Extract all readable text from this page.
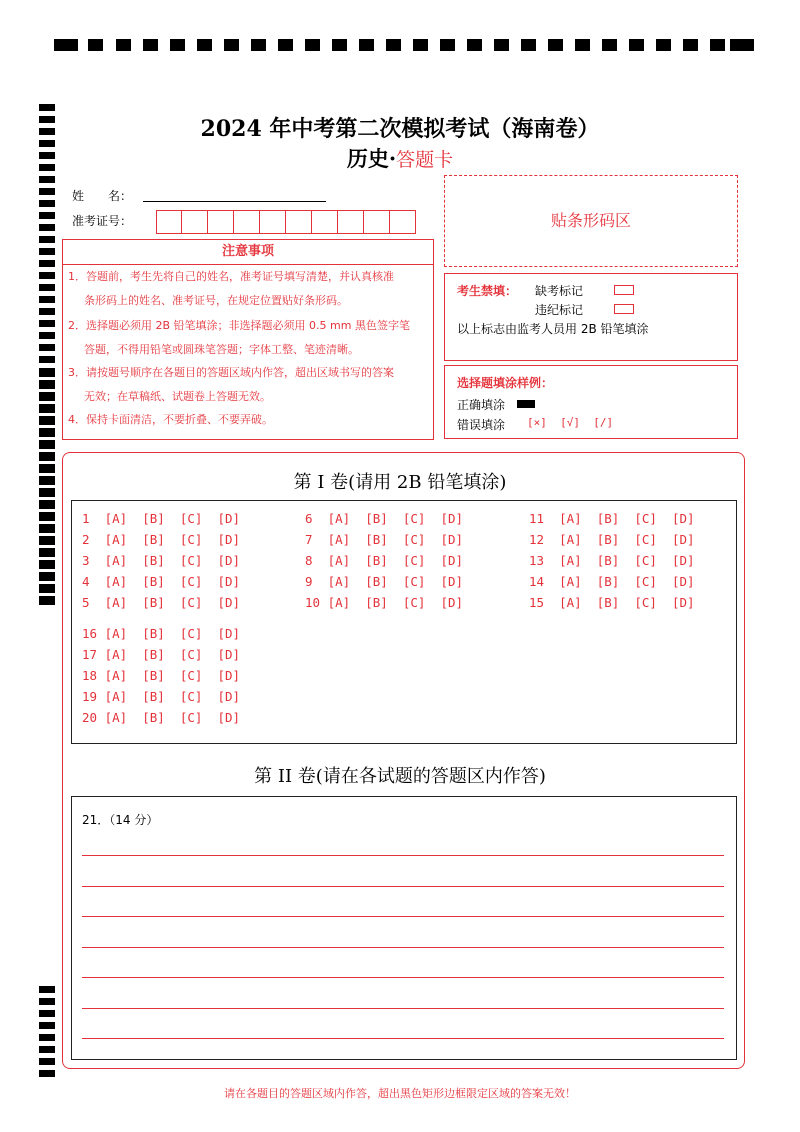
2024 年中考第二次模拟考试（海南卷）
历史·答题卡
姓　　名：
准考证号：	贴条形码区
注意事项
1．答题前，考生先将自己的姓名，准考证号填写清楚，并认真核准
条形码上的姓名、准考证号，在规定位置贴好条形码。
2．选择题必须用 2B 铅笔填涂；非选择题必须用 0.5 mm 黑色签字笔
答题，不得用铅笔或圆珠笔答题；字体工整、笔迹清晰。
3．请按题号顺序在各题目的答题区域内作答，超出区域书写的答案
无效；在草稿纸、试题卷上答题无效。
4．保持卡面清洁，不要折叠、不要弄破。
考生禁填： 缺考标记
违纪标记
以上标志由监考人员用 2B 铅笔填涂
选择题填涂样例：
正确填涂
错误填涂 [×]  [√]  [/]
第 I 卷(请用 2B 铅笔填涂)
1  [A]  [B]  [C]  [D]
2  [A]  [B]  [C]  [D]
3  [A]  [B]  [C]  [D]
4  [A]  [B]  [C]  [D]
5  [A]  [B]  [C]  [D]
6  [A]  [B]  [C]  [D]
7  [A]  [B]  [C]  [D]
8  [A]  [B]  [C]  [D]
9  [A]  [B]  [C]  [D]
10 [A]  [B]  [C]  [D]
11  [A]  [B]  [C]  [D]
12  [A]  [B]  [C]  [D]
13  [A]  [B]  [C]  [D]
14  [A]  [B]  [C]  [D]
15  [A]  [B]  [C]  [D]
16 [A]  [B]  [C]  [D]
17 [A]  [B]  [C]  [D]
18 [A]  [B]  [C]  [D]
19 [A]  [B]  [C]  [D]
20 [A]  [B]  [C]  [D]
第 II 卷(请在各试题的答题区内作答)
21．（14 分）
请在各题目的答题区域内作答，超出黑色矩形边框限定区域的答案无效！
